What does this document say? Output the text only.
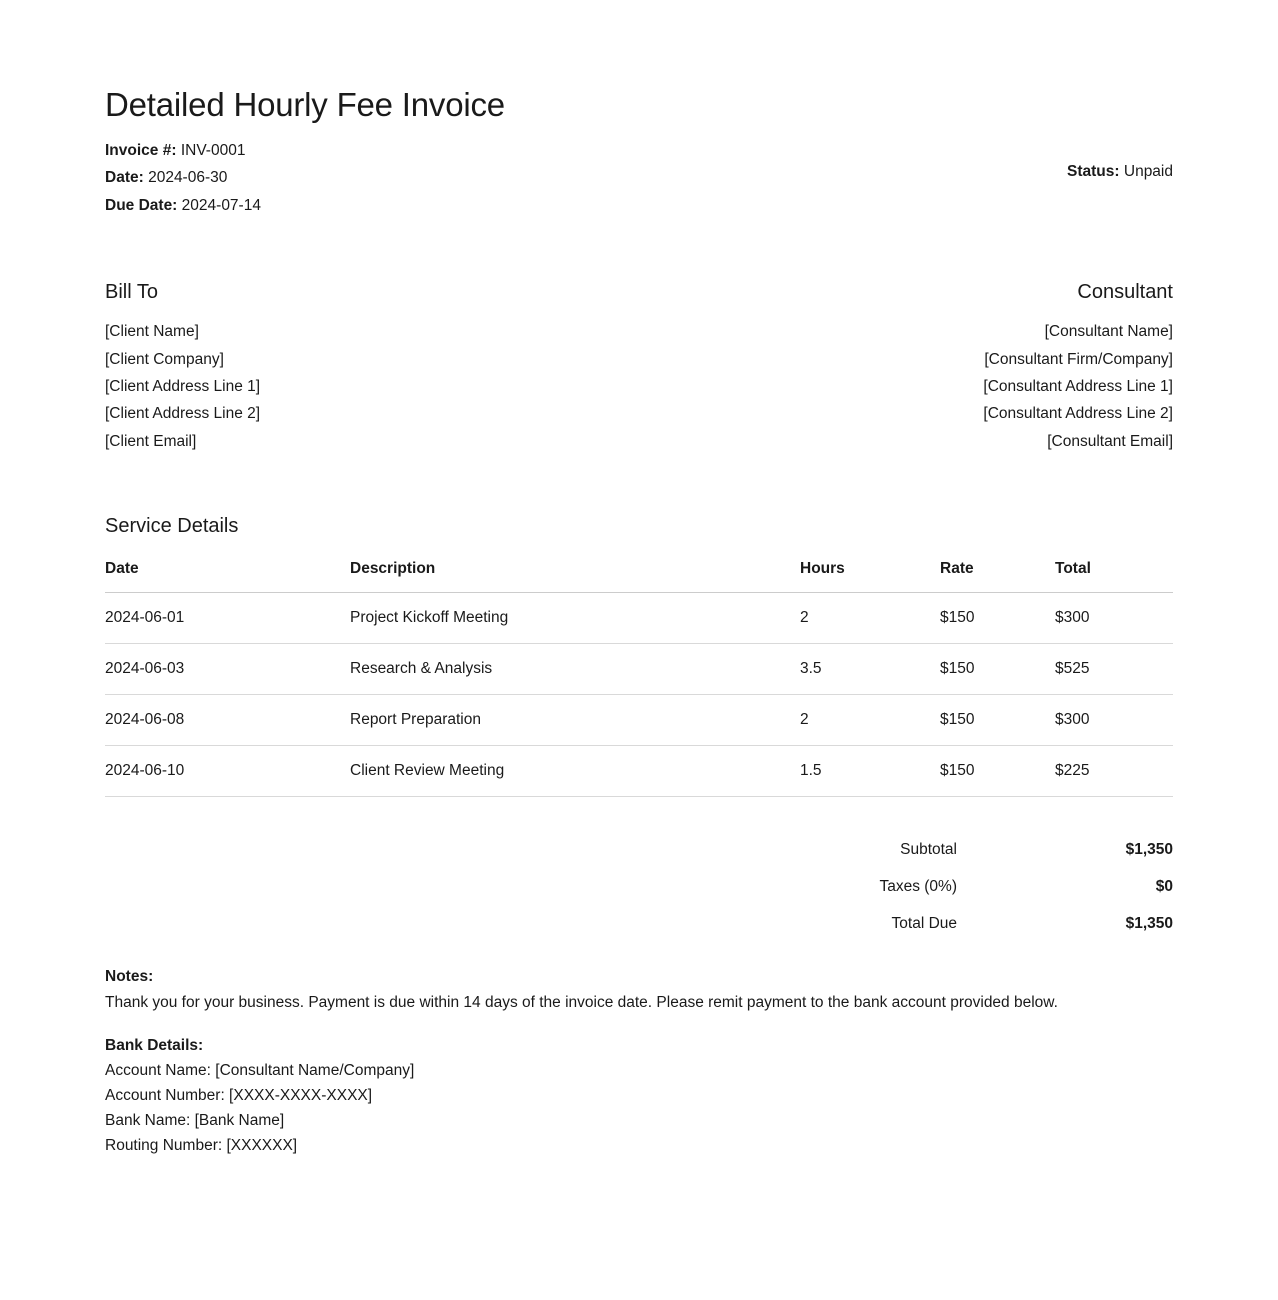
Detailed Hourly Fee Invoice

Invoice #: INV-0001

Date: 2024-06-30

Due Date: 2024-07-14

Status: Unpaid

Bill To

[Client Name]

[Client Company]

[Client Address Line 1]

[Client Address Line 2]

[Client Email]

Consultant

[Consultant Name]

[Consultant Firm/Company]

[Consultant Address Line 1]

[Consultant Address Line 2]

[Consultant Email]

Service Details
Date	Description	Hours	Rate	Total
2024-06-01	Project Kickoff Meeting	2	$150	$300
2024-06-03	Research & Analysis	3.5	$150	$525
2024-06-08	Report Preparation	2	$150	$300
2024-06-10	Client Review Meeting	1.5	$150	$225
Subtotal	$1,350
Taxes (0%)	$0
Total Due	$1,350

Notes:

Thank you for your business. Payment is due within 14 days of the invoice date. Please remit payment to the bank account provided below.

Bank Details:

Account Name: [Consultant Name/Company]

Account Number: [XXXX-XXXX-XXXX]

Bank Name: [Bank Name]

Routing Number: [XXXXXX]
